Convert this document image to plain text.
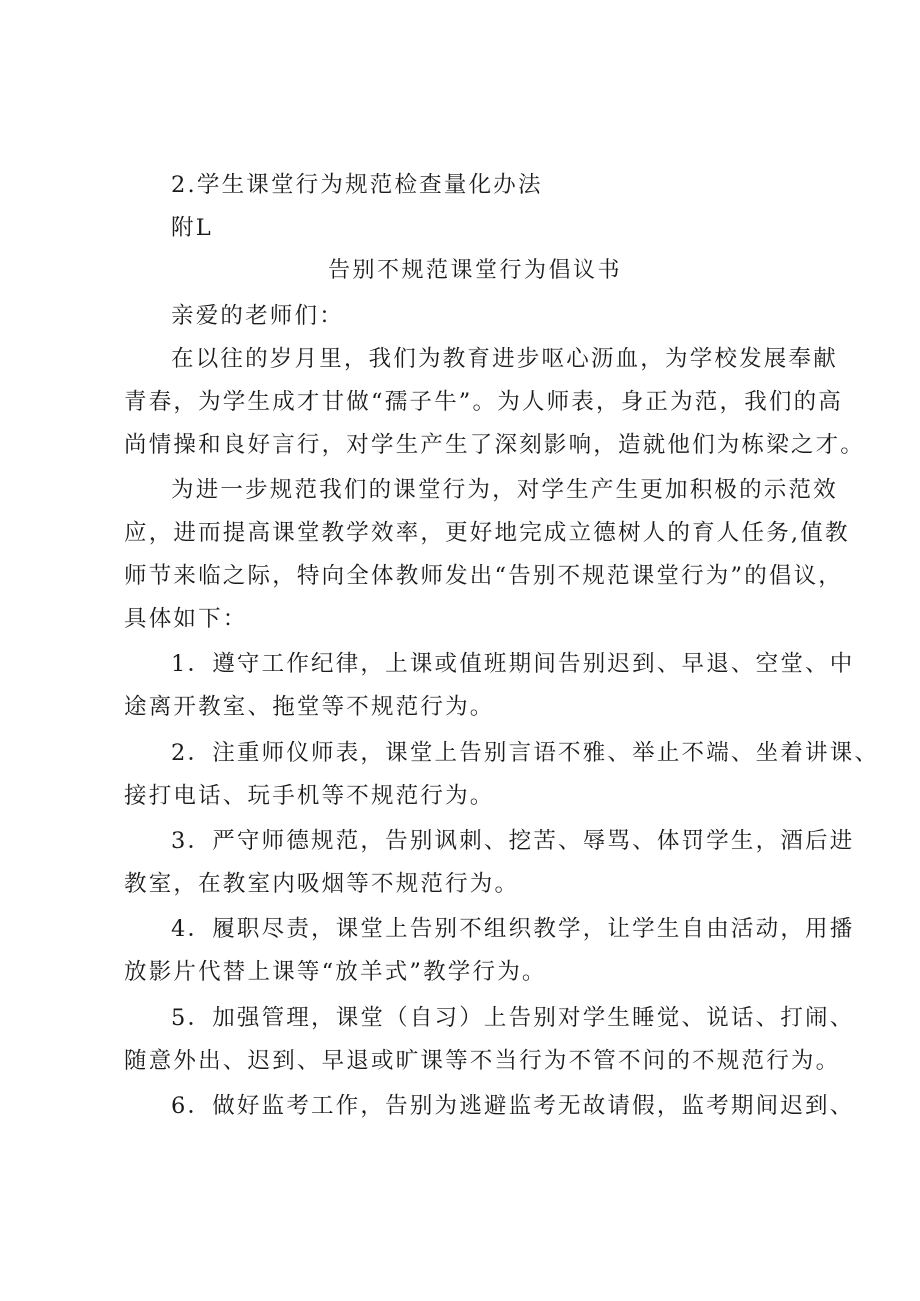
2.学生课堂行为规范检查量化办法
附L
告别不规范课堂行为倡议书
亲爱的老师们：
在以往的岁月里，我们为教育进步呕心沥血，为学校发展奉献
青春，为学生成才甘做“孺子牛”。为人师表，身正为范，我们的高
尚情操和良好言行，对学生产生了深刻影响，造就他们为栋梁之才。
为进一步规范我们的课堂行为，对学生产生更加积极的示范效
应，进而提高课堂教学效率，更好地完成立德树人的育人任务,值教
师节来临之际，特向全体教师发出“告别不规范课堂行为”的倡议，
具体如下：
1．遵守工作纪律，上课或值班期间告别迟到、早退、空堂、中
途离开教室、拖堂等不规范行为。
2．注重师仪师表，课堂上告别言语不雅、举止不端、坐着讲课、
接打电话、玩手机等不规范行为。
3．严守师德规范，告别讽刺、挖苦、辱骂、体罚学生，酒后进
教室，在教室内吸烟等不规范行为。
4．履职尽责，课堂上告别不组织教学，让学生自由活动，用播
放影片代替上课等“放羊式”教学行为。
5．加强管理，课堂（自习）上告别对学生睡觉、说话、打闹、
随意外出、迟到、早退或旷课等不当行为不管不问的不规范行为。
6．做好监考工作，告别为逃避监考无故请假，监考期间迟到、
